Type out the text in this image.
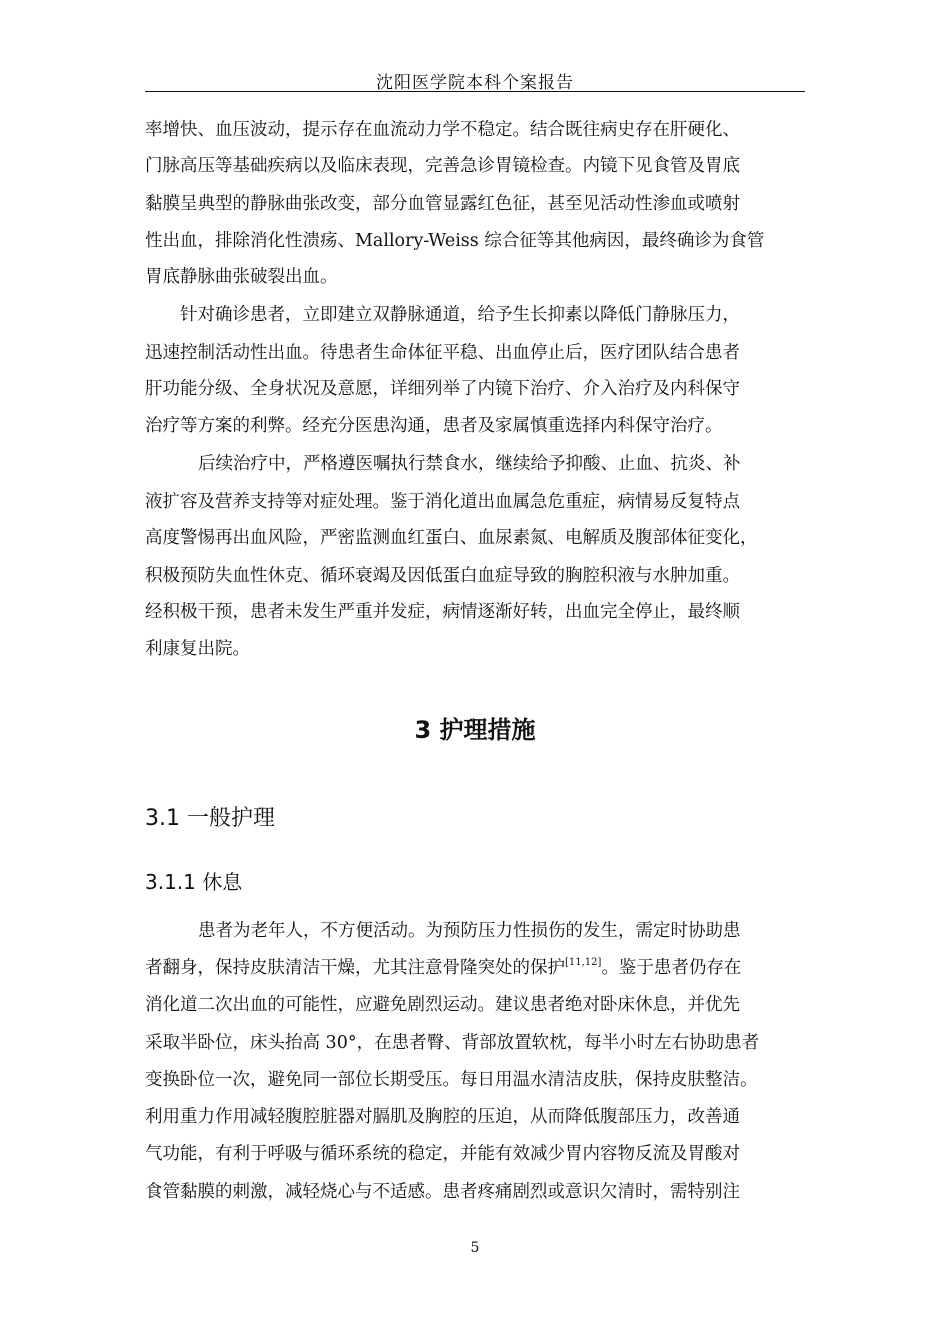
沈阳医学院本科个案报告
率增快、血压波动，提示存在血流动力学不稳定。结合既往病史存在肝硬化、
门脉高压等基础疾病以及临床表现，完善急诊胃镜检查。内镜下见食管及胃底
黏膜呈典型的静脉曲张改变，部分血管显露红色征，甚至见活动性渗血或喷射
性出血，排除消化性溃疡、Mallory-Weiss 综合征等其他病因，最终确诊为食管
胃底静脉曲张破裂出血。
针对确诊患者，立即建立双静脉通道，给予生长抑素以降低门静脉压力，
迅速控制活动性出血。待患者生命体征平稳、出血停止后，医疗团队结合患者
肝功能分级、全身状况及意愿，详细列举了内镜下治疗、介入治疗及内科保守
治疗等方案的利弊。经充分医患沟通，患者及家属慎重选择内科保守治疗。
后续治疗中，严格遵医嘱执行禁食水，继续给予抑酸、止血、抗炎、补
液扩容及营养支持等对症处理。鉴于消化道出血属急危重症，病情易反复特点
高度警惕再出血风险，严密监测血红蛋白、血尿素氮、电解质及腹部体征变化，
积极预防失血性休克、循环衰竭及因低蛋白血症导致的胸腔积液与水肿加重。
经积极干预，患者未发生严重并发症，病情逐渐好转，出血完全停止，最终顺
利康复出院。
3 护理措施
3.1 一般护理
3.1.1 休息
患者为老年人，不方便活动。为预防压力性损伤的发生，需定时协助患
者翻身，保持皮肤清洁干燥，尤其注意骨隆突处的保护[11,12]。鉴于患者仍存在
消化道二次出血的可能性，应避免剧烈运动。建议患者绝对卧床休息，并优先
采取半卧位，床头抬高 30°，在患者臀、背部放置软枕，每半小时左右协助患者
变换卧位一次，避免同一部位长期受压。每日用温水清洁皮肤，保持皮肤整洁。
利用重力作用减轻腹腔脏器对膈肌及胸腔的压迫，从而降低腹部压力，改善通
气功能，有利于呼吸与循环系统的稳定，并能有效减少胃内容物反流及胃酸对
食管黏膜的刺激，减轻烧心与不适感。患者疼痛剧烈或意识欠清时，需特别注
5
